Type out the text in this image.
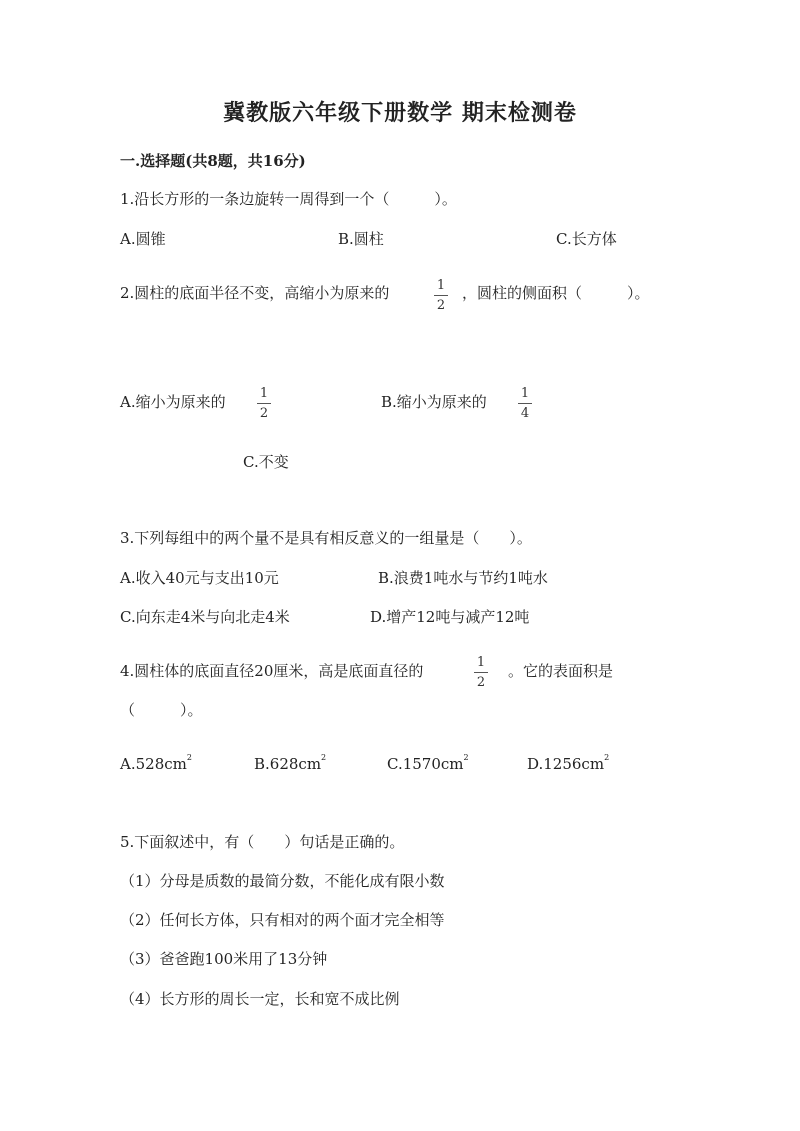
冀教版六年级下册数学 期末检测卷
一.选择题(共8题，共16分)
1.沿长方形的一条边旋转一周得到一个（　　　）。
A.圆锥	B.圆柱	C.长方体
2.圆柱的底面半径不变，高缩小为原来的	1
2
，圆柱的侧面积（　　　）。
A.缩小为原来的	1
2
B.缩小为原来的	1
4
C.不变
3.下列每组中的两个量不是具有相反意义的一组量是（　　）。
A.收入40元与支出10元	B.浪费1吨水与节约1吨水
C.向东走4米与向北走4米	D.增产12吨与减产12吨
4.圆柱体的底面直径20厘米，高是底面直径的	1
2
。它的表面积是
（　　　）。
$A.528cm^2$	$B.628cm^2$	$C.1570cm^2$	$D.1256cm^2$
5.下面叙述中，有（　　）句话是正确的。
（1）分母是质数的最简分数，不能化成有限小数
（2）任何长方体，只有相对的两个面才完全相等
（3）爸爸跑100米用了13分钟
（4）长方形的周长一定，长和宽不成比例
